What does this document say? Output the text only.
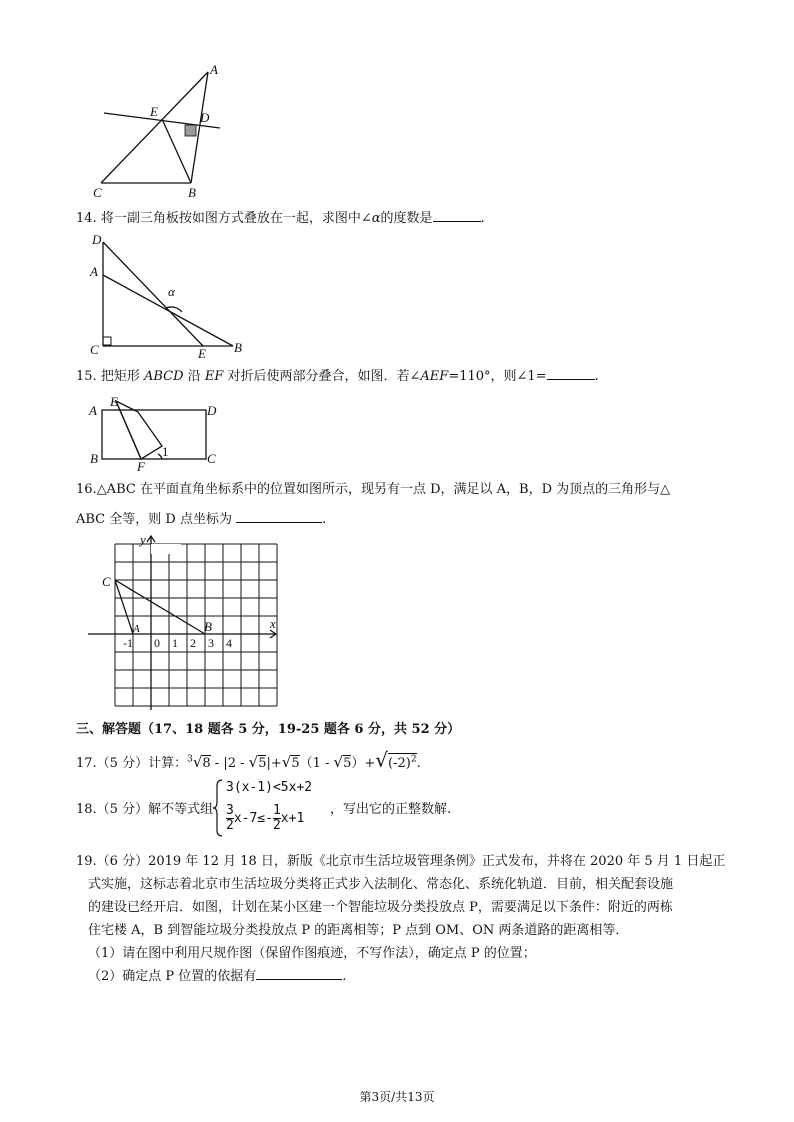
A
E	D
C	B
14. 将一副三角板按如图方式叠放在一起，求图中∠α的度数是	.
D
A
α
C	E B
15. 把矩形 ABCD 沿 EF 对折后使两部分叠合，如图．若∠AEF=110°，则∠1=	.
A
E
D
B
F
C
1
16.△ABC 在平面直角坐标系中的位置如图所示，现另有一点 D，满足以 A，B，D 为顶点的三角形与△
ABC 全等，则 D 点坐标为	.
y
x
C
A	B
-1 0 1 2 3 4
三、解答题（17、18 题各 5 分，19-25 题各 6 分，共 52 分）
17.（5 分）计算：$^3√8 - |2 - √5|+√5(1 - √5)+√(-2)^2$.
18.（5 分）解不等式组
3(x-1)<5x+2
$\frac{3}{2} x-7\le- \frac{1}{2} x+1$
，写出它的正整数解.
19.（6 分）2019 年 12 月 18 日，新版《北京市生活垃圾管理条例》正式发布，并将在 2020 年 5 月 1 日起正
式实施，这标志着北京市生活垃圾分类将正式步入法制化、常态化、系统化轨道．目前，相关配套设施
的建设已经开启．如图，计划在某小区建一个智能垃圾分类投放点 P，需要满足以下条件：附近的两栋
住宅楼 A，B 到智能垃圾分类投放点 P 的距离相等；P 点到 OM、ON 两条道路的距离相等．
（1）请在图中利用尺规作图（保留作图痕迹，不写作法），确定点 P 的位置；
（2）确定点 P 位置的依据有	.
第3页/共13页
